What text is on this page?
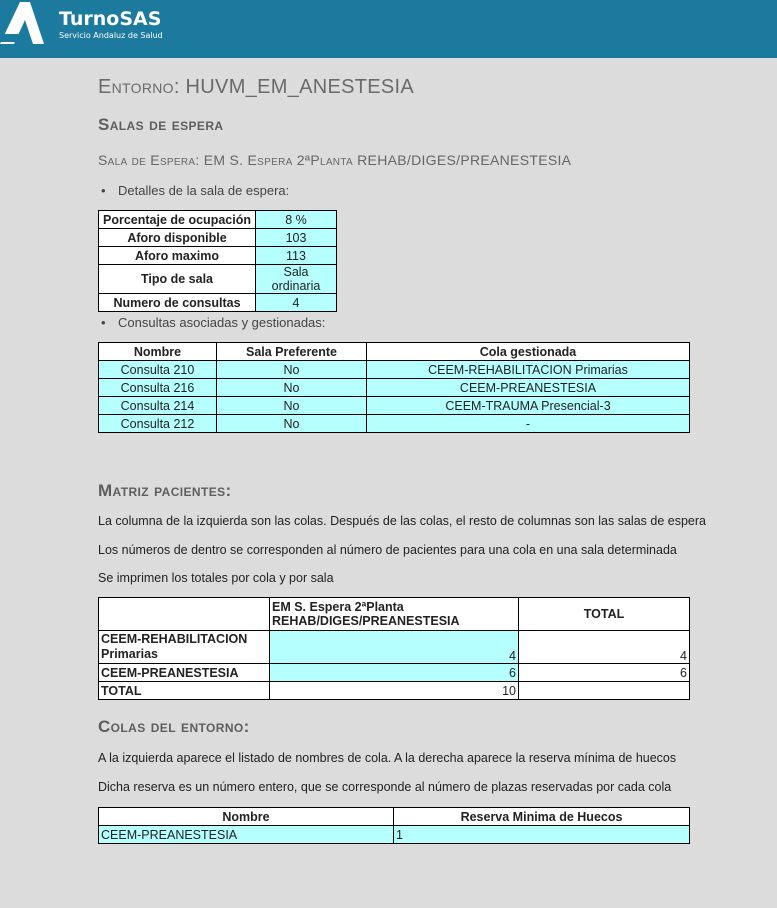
TurnoSAS
Servicio Andaluz de Salud
Entorno: HUVM_EM_ANESTESIA
Salas de espera
Sala de Espera: EM S. Espera 2ªPlanta REHAB/DIGES/PREANESTESIA
• Detalles de la sala de espera:
Porcentaje de ocupación	8 %
Aforo disponible	103
Aforo maximo	113
Tipo de sala	Sala ordinaria
Numero de consultas	4
• Consultas asociadas y gestionadas:
Nombre	Sala Preferente	Cola gestionada
Consulta 210	No	CEEM-REHABILITACION Primarias
Consulta 216	No	CEEM-PREANESTESIA
Consulta 214	No	CEEM-TRAUMA Presencial-3
Consulta 212	No	-
Matriz pacientes:

La columna de la izquierda son las colas. Después de las colas, el resto de columnas son las salas de espera

Los números de dentro se corresponden al número de pacientes para una cola en una sala determinada

Se imprimen los totales por cola y por sala

	EM S. Espera 2ªPlanta REHAB/DIGES/PREANESTESIA	TOTAL
CEEM-REHABILITACION Primarias	4	4
CEEM-PREANESTESIA	6	6
TOTAL	10	
Colas del entorno:

A la izquierda aparece el listado de nombres de cola. A la derecha aparece la reserva mínima de huecos

Dicha reserva es un número entero, que se corresponde al número de plazas reservadas por cada cola

Nombre	Reserva Minima de Huecos
CEEM-PREANESTESIA	1
